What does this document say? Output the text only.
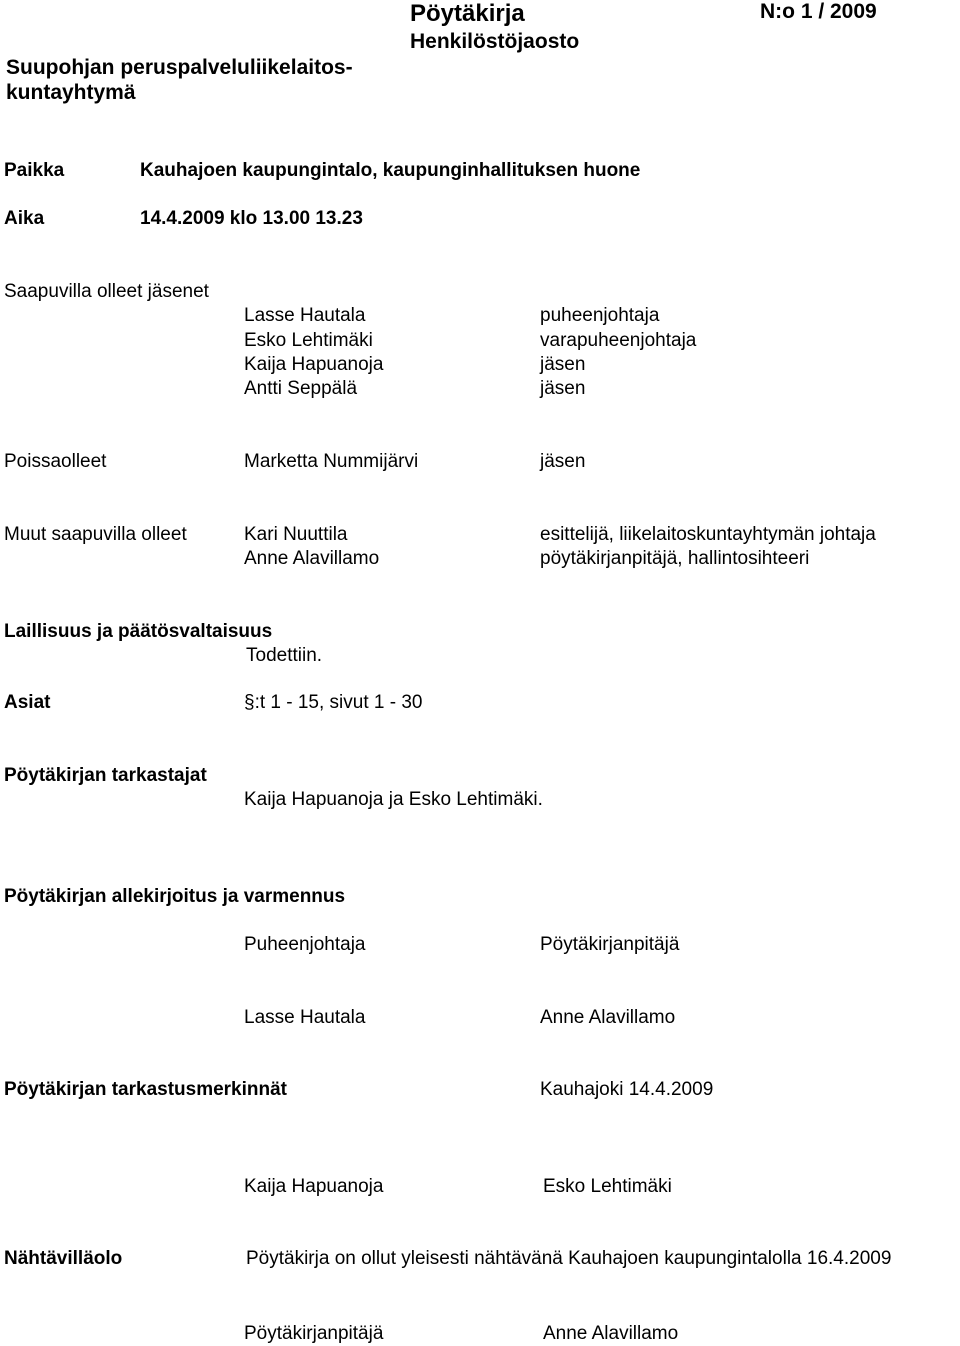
Suupohjan peruspalveluliikelaitos-
kuntayhtymä
Pöytäkirja
Henkilöstöjaosto
N:o 1 / 2009
Paikka	Kauhajoen kaupungintalo, kaupunginhallituksen huone
Aika	14.4.2009 klo 13.00 13.23
Saapuvilla olleet jäsenet
Lasse Hautala	puheenjohtaja
Esko Lehtimäki	varapuheenjohtaja
Kaija Hapuanoja	jäsen
Antti Seppälä	jäsen
Poissaolleet	Marketta Nummijärvi	jäsen
Muut saapuvilla olleet	Kari Nuuttila	esittelijä, liikelaitoskuntayhtymän johtaja
Anne Alavillamo	pöytäkirjanpitäjä, hallintosihteeri
Laillisuus ja päätösvaltaisuus
Todettiin.
Asiat	§:t 1 - 15, sivut 1 - 30
Pöytäkirjan tarkastajat
Kaija Hapuanoja ja Esko Lehtimäki.
Pöytäkirjan allekirjoitus ja varmennus
Puheenjohtaja	Pöytäkirjanpitäjä
Lasse Hautala	Anne Alavillamo
Pöytäkirjan tarkastusmerkinnät	Kauhajoki 14.4.2009
Kaija Hapuanoja	Esko Lehtimäki
Nähtävilläolo	Pöytäkirja on ollut yleisesti nähtävänä Kauhajoen kaupungintalolla 16.4.2009
Pöytäkirjanpitäjä	Anne Alavillamo
